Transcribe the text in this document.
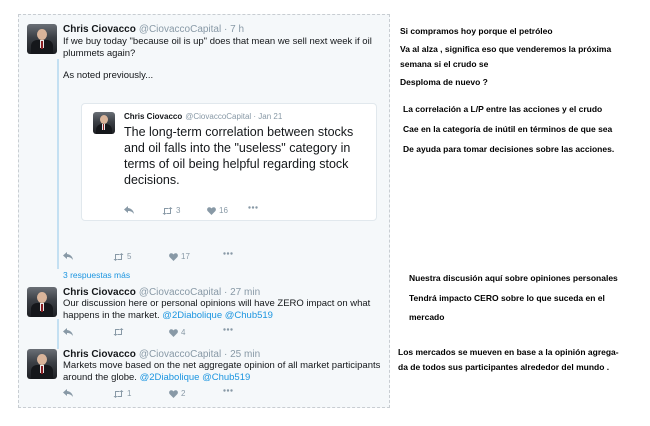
Chris Ciovacco @CiovaccoCapital · 7 h
If we buy today "because oil is up" does that mean we sell next week if oil
plummets again?
As noted previously...
Chris Ciovacco @CiovaccoCapital · Jan 21
The long-term correlation between stocks
and oil falls into the "useless" category in
terms of oil being helpful regarding stock
decisions.
3	16
5	17
3 respuestas más
Chris Ciovacco @CiovaccoCapital · 27 min
Our discussion here or personal opinions will have ZERO impact on what
happens in the market. @2Diabolique @Chub519
4
Chris Ciovacco @CiovaccoCapital · 25 min
Markets move based on the net aggregate opinion of all market participants
around the globe. @2Diabolique @Chub519
1	2
Si compramos hoy porque el petróleo
Va al alza , significa eso que venderemos la próxima
semana si el crudo se
Desploma de nuevo ?
La correlación a L/P entre las acciones y el crudo
Cae en la categoría de inútil en términos de que sea
De ayuda para tomar decisiones sobre las acciones.
Nuestra discusión aquí sobre opiniones personales
Tendrá impacto CERO sobre lo que suceda en el
mercado
Los mercados se mueven en base a la opinión agrega-
da de todos sus participantes alrededor del mundo .
